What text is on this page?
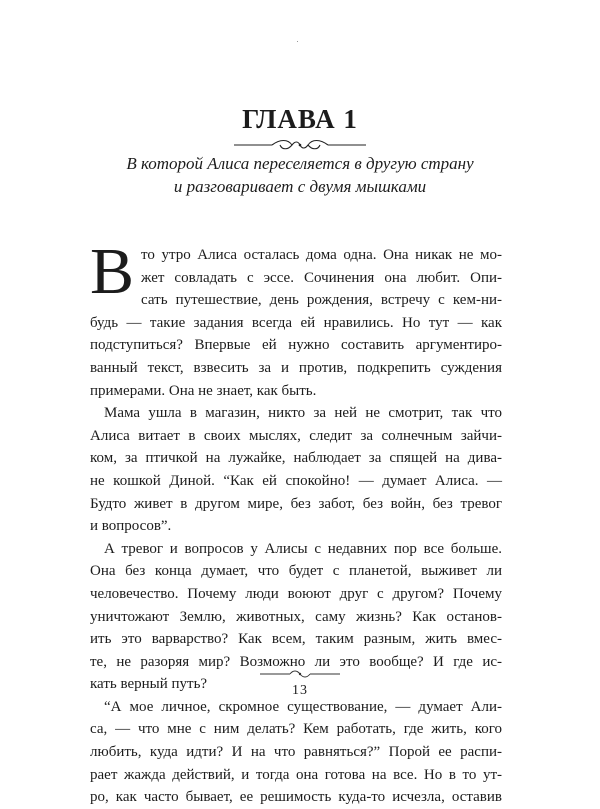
ГЛАВА 1
В которой Алиса переселяется в другую страну
и разговаривает с двумя мышками
В то утро Алиса осталась дома одна. Она никак не мо-
жет совладать с эссе. Сочинения она любит. Опи-
сать путешествие, день рождения, встречу с кем-ни-
будь — такие задания всегда ей нравились. Но тут — как
подступиться? Впервые ей нужно составить аргументиро-
ванный текст, взвесить за и против, подкрепить суждения
примерами. Она не знает, как быть.
Мама ушла в магазин, никто за ней не смотрит, так что
Алиса витает в своих мыслях, следит за солнечным зайчи-
ком, за птичкой на лужайке, наблюдает за спящей на дива-
не кошкой Диной. “Как ей спокойно! — думает Алиса. —
Будто живет в другом мире, без забот, без войн, без тревог
и вопросов”.
А тревог и вопросов у Алисы с недавних пор все больше.
Она без конца думает, что будет с планетой, выживет ли
человечество. Почему люди воюют друг с другом? Почему
уничтожают Землю, животных, саму жизнь? Как останов-
ить это варварство? Как всем, таким разным, жить вмес-
те, не разоряя мир? Возможно ли это вообще? И где ис-
кать верный путь?
“А мое личное, скромное существование, — думает Али-
са, — что мне с ним делать? Кем работать, где жить, кого
любить, куда идти? И на что равняться?” Порой ее распи-
рает жажда действий, и тогда она готова на все. Но в то ут-
ро, как часто бывает, ее решимость куда-то исчезла, оставив
13
